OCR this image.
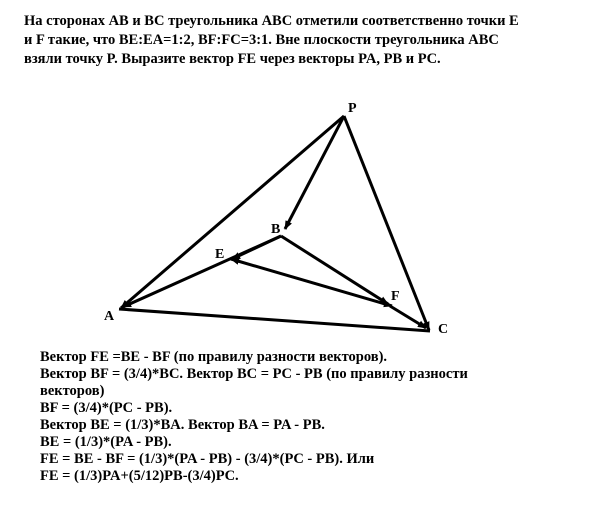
На сторонах AB и BC треугольника ABC отметили соответственно точки E
и F такие, что BE:EA=1:2, BF:FC=3:1. Вне плоскости треугольника ABC
взяли точку P. Выразите вектор FE через векторы PA, PB и PC.
P
B
E
F
A
C
Вектор FE =BE - BF (по правилу разности векторов).
Вектор BF = (3/4)*BC. Вектор BC = PC - PB (по правилу разности
векторов)
BF = (3/4)*(PC - PB).
Вектор BE = (1/3)*BA. Вектор BA = PA - PB.
BE = (1/3)*(PA - PB).
FE = BE - BF = (1/3)*(PA - PB) - (3/4)*(PC - PB). Или
FE = (1/3)PA+(5/12)PB-(3/4)PC.
